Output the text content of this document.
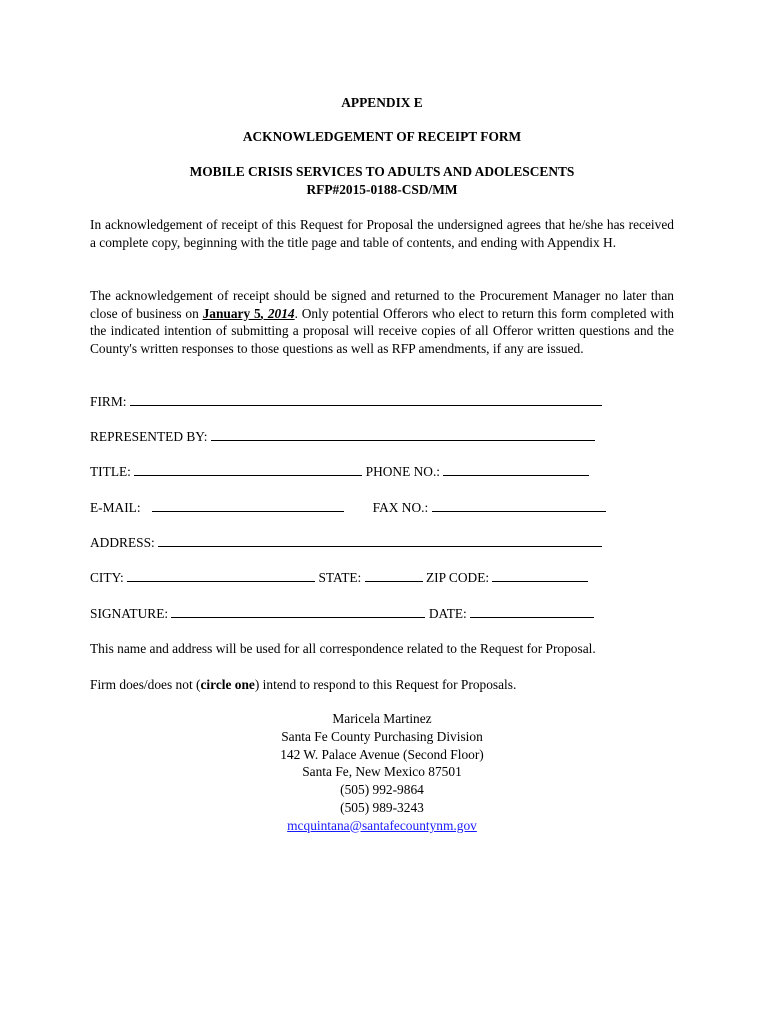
APPENDIX E
ACKNOWLEDGEMENT OF RECEIPT FORM
MOBILE CRISIS SERVICES TO ADULTS AND ADOLESCENTS
RFP#2015-0188-CSD/MM
In acknowledgement of receipt of this Request for Proposal the undersigned agrees that he/she has received a complete copy, beginning with the title page and table of contents, and ending with Appendix H.
The acknowledgement of receipt should be signed and returned to the Procurement Manager no later than close of business on January 5, 2014. Only potential Offerors who elect to return this form completed with the indicated intention of submitting a proposal will receive copies of all Offeror written questions and the County's written responses to those questions as well as RFP amendments, if any are issued.
FIRM:
REPRESENTED BY:
TITLE:	PHONE NO.:
E-MAIL:	FAX NO.:
ADDRESS:
CITY:	STATE:	ZIP CODE:
SIGNATURE:	DATE:
This name and address will be used for all correspondence related to the Request for Proposal.
Firm does/does not (circle one) intend to respond to this Request for Proposals.
Maricela Martinez
Santa Fe County Purchasing Division
142 W. Palace Avenue (Second Floor)
Santa Fe, New Mexico 87501
(505) 992-9864
(505) 989-3243
mcquintana@santafecountynm.gov
